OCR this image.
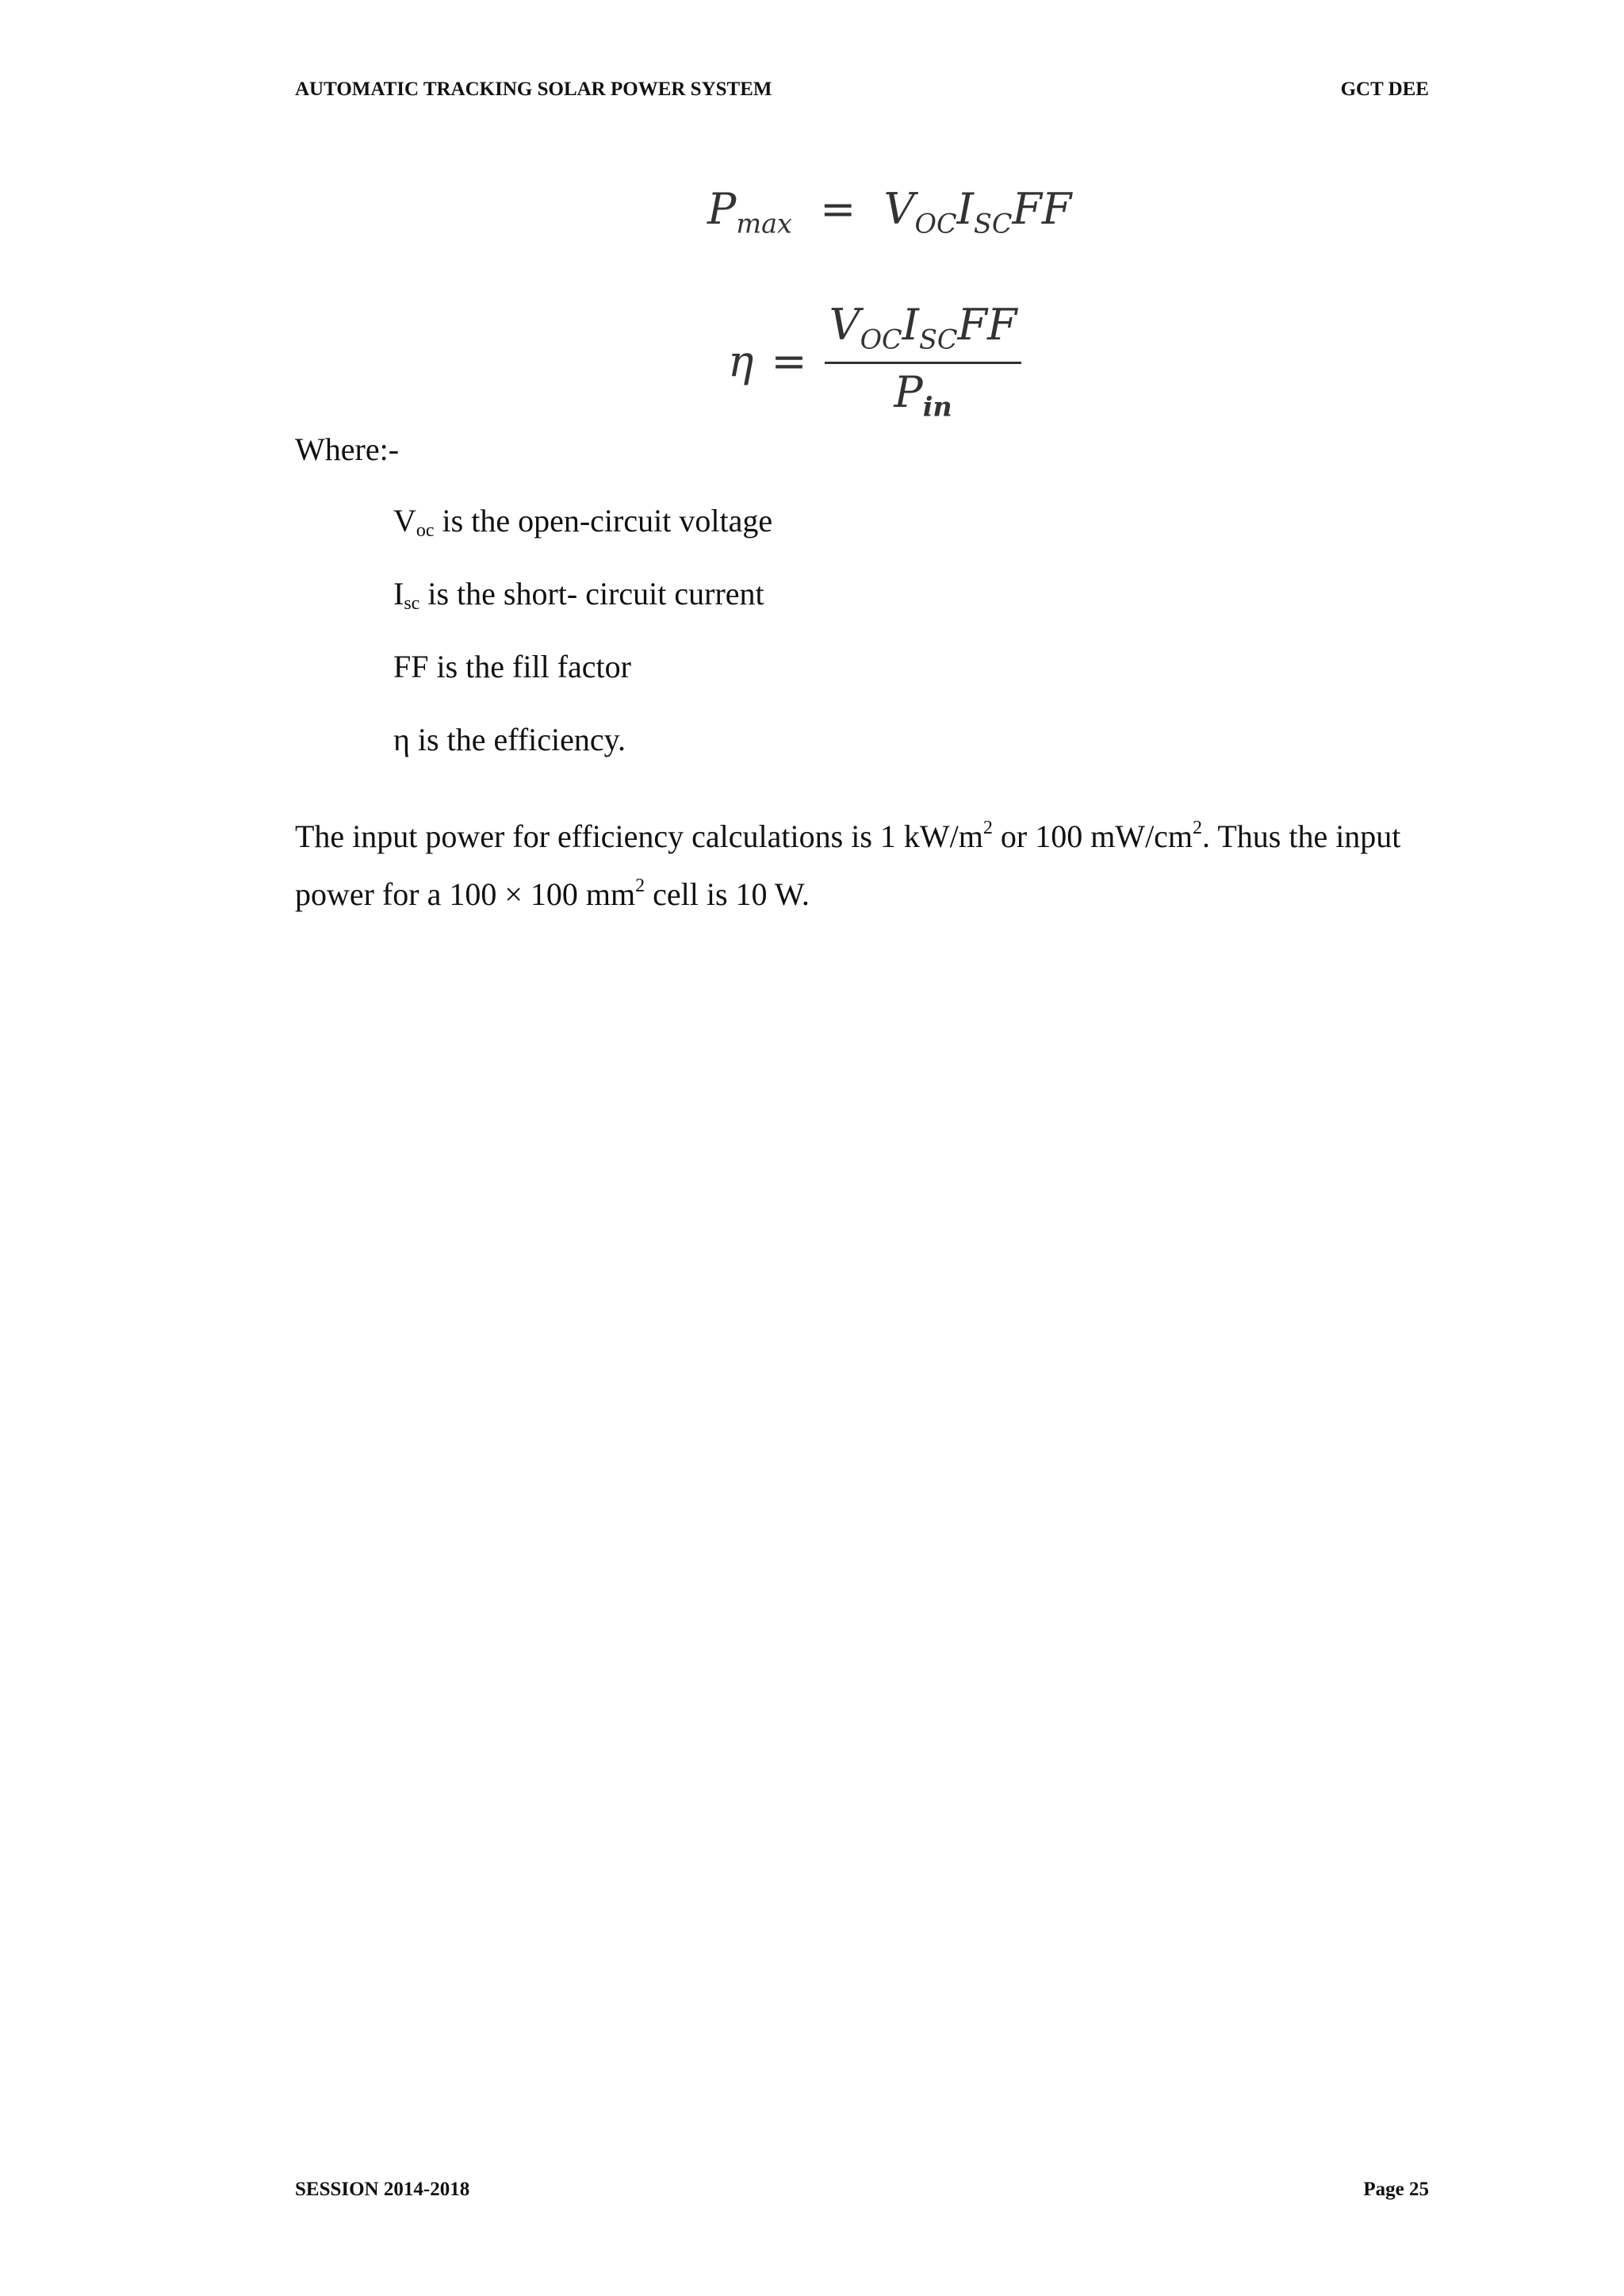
AUTOMATIC TRACKING SOLAR POWER SYSTEM	GCT DEE
$P_{max} = V_{OC}I_{SC}FF$
$\eta = \frac{V_{OC}I_{SC}FF}{P_{in}}$
Where:-
$V_{oc}$ is the open-circuit voltage
$I_{sc}$ is the short- circuit current
FF is the fill factor
η is the efficiency.
The input power for efficiency calculations is 1 $kW/m^2$ or 100 $mW/cm^2$. Thus the input power for a 100 × 100 $mm^2$ cell is 10 W.
SESSION 2014-2018	Page 25
